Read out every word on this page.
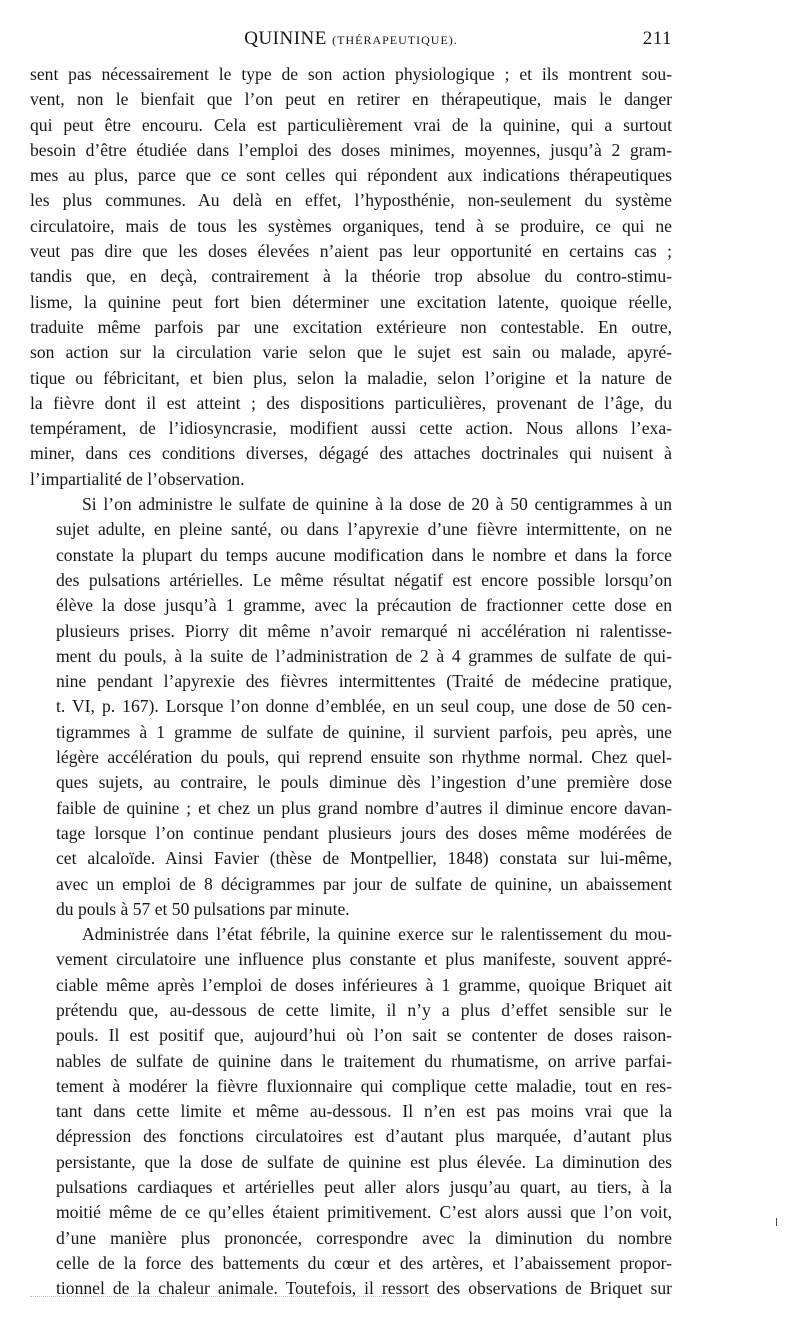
QUININE (THÉRAPEUTIQUE).	211

sent pas nécessairement le type de son action physiologique ; et ils montrent sou-
vent, non le bienfait que l’on peut en retirer en thérapeutique, mais le danger
qui peut être encouru. Cela est particulièrement vrai de la quinine, qui a surtout
besoin d’être étudiée dans l’emploi des doses minimes, moyennes, jusqu’à 2 gram-
mes au plus, parce que ce sont celles qui répondent aux indications thérapeutiques
les plus communes. Au delà en effet, l’hyposthénie, non-seulement du système
circulatoire, mais de tous les systèmes organiques, tend à se produire, ce qui ne
veut pas dire que les doses élevées n’aient pas leur opportunité en certains cas ;
tandis que, en deçà, contrairement à la théorie trop absolue du contro-stimu-
lisme, la quinine peut fort bien déterminer une excitation latente, quoique réelle,
traduite même parfois par une excitation extérieure non contestable. En outre,
son action sur la circulation varie selon que le sujet est sain ou malade, apyré-
tique ou fébricitant, et bien plus, selon la maladie, selon l’origine et la nature de
la fièvre dont il est atteint ; des dispositions particulières, provenant de l’âge, du
tempérament, de l’idiosyncrasie, modifient aussi cette action. Nous allons l’exa-
miner, dans ces conditions diverses, dégagé des attaches doctrinales qui nuisent à
l’impartialité de l’observation.

Si l’on administre le sulfate de quinine à la dose de 20 à 50 centigrammes à un
sujet adulte, en pleine santé, ou dans l’apyrexie d’une fièvre intermittente, on ne
constate la plupart du temps aucune modification dans le nombre et dans la force
des pulsations artérielles. Le même résultat négatif est encore possible lorsqu’on
élève la dose jusqu’à 1 gramme, avec la précaution de fractionner cette dose en
plusieurs prises. Piorry dit même n’avoir remarqué ni accélération ni ralentisse-
ment du pouls, à la suite de l’administration de 2 à 4 grammes de sulfate de qui-
nine pendant l’apyrexie des fièvres intermittentes (Traité de médecine pratique,
t. VI, p. 167). Lorsque l’on donne d’emblée, en un seul coup, une dose de 50 cen-
tigrammes à 1 gramme de sulfate de quinine, il survient parfois, peu après, une
légère accélération du pouls, qui reprend ensuite son rhythme normal. Chez quel-
ques sujets, au contraire, le pouls diminue dès l’ingestion d’une première dose
faible de quinine ; et chez un plus grand nombre d’autres il diminue encore davan-
tage lorsque l’on continue pendant plusieurs jours des doses même modérées de
cet alcaloïde. Ainsi Favier (thèse de Montpellier, 1848) constata sur lui-même,
avec un emploi de 8 décigrammes par jour de sulfate de quinine, un abaissement
du pouls à 57 et 50 pulsations par minute.

Administrée dans l’état fébrile, la quinine exerce sur le ralentissement du mou-
vement circulatoire une influence plus constante et plus manifeste, souvent appré-
ciable même après l’emploi de doses inférieures à 1 gramme, quoique Briquet ait
prétendu que, au-dessous de cette limite, il n’y a plus d’effet sensible sur le
pouls. Il est positif que, aujourd’hui où l’on sait se contenter de doses raison-
nables de sulfate de quinine dans le traitement du rhumatisme, on arrive parfai-
tement à modérer la fièvre fluxionnaire qui complique cette maladie, tout en res-
tant dans cette limite et même au-dessous. Il n’en est pas moins vrai que la
dépression des fonctions circulatoires est d’autant plus marquée, d’autant plus
persistante, que la dose de sulfate de quinine est plus élevée. La diminution des
pulsations cardiaques et artérielles peut aller alors jusqu’au quart, au tiers, à la
moitié même de ce qu’elles étaient primitivement. C’est alors aussi que l’on voit,
d’une manière plus prononcée, correspondre avec la diminution du nombre
celle de la force des battements du cœur et des artères, et l’abaissement propor-
tionnel de la chaleur animale. Toutefois, il ressort des observations de Briquet sur
